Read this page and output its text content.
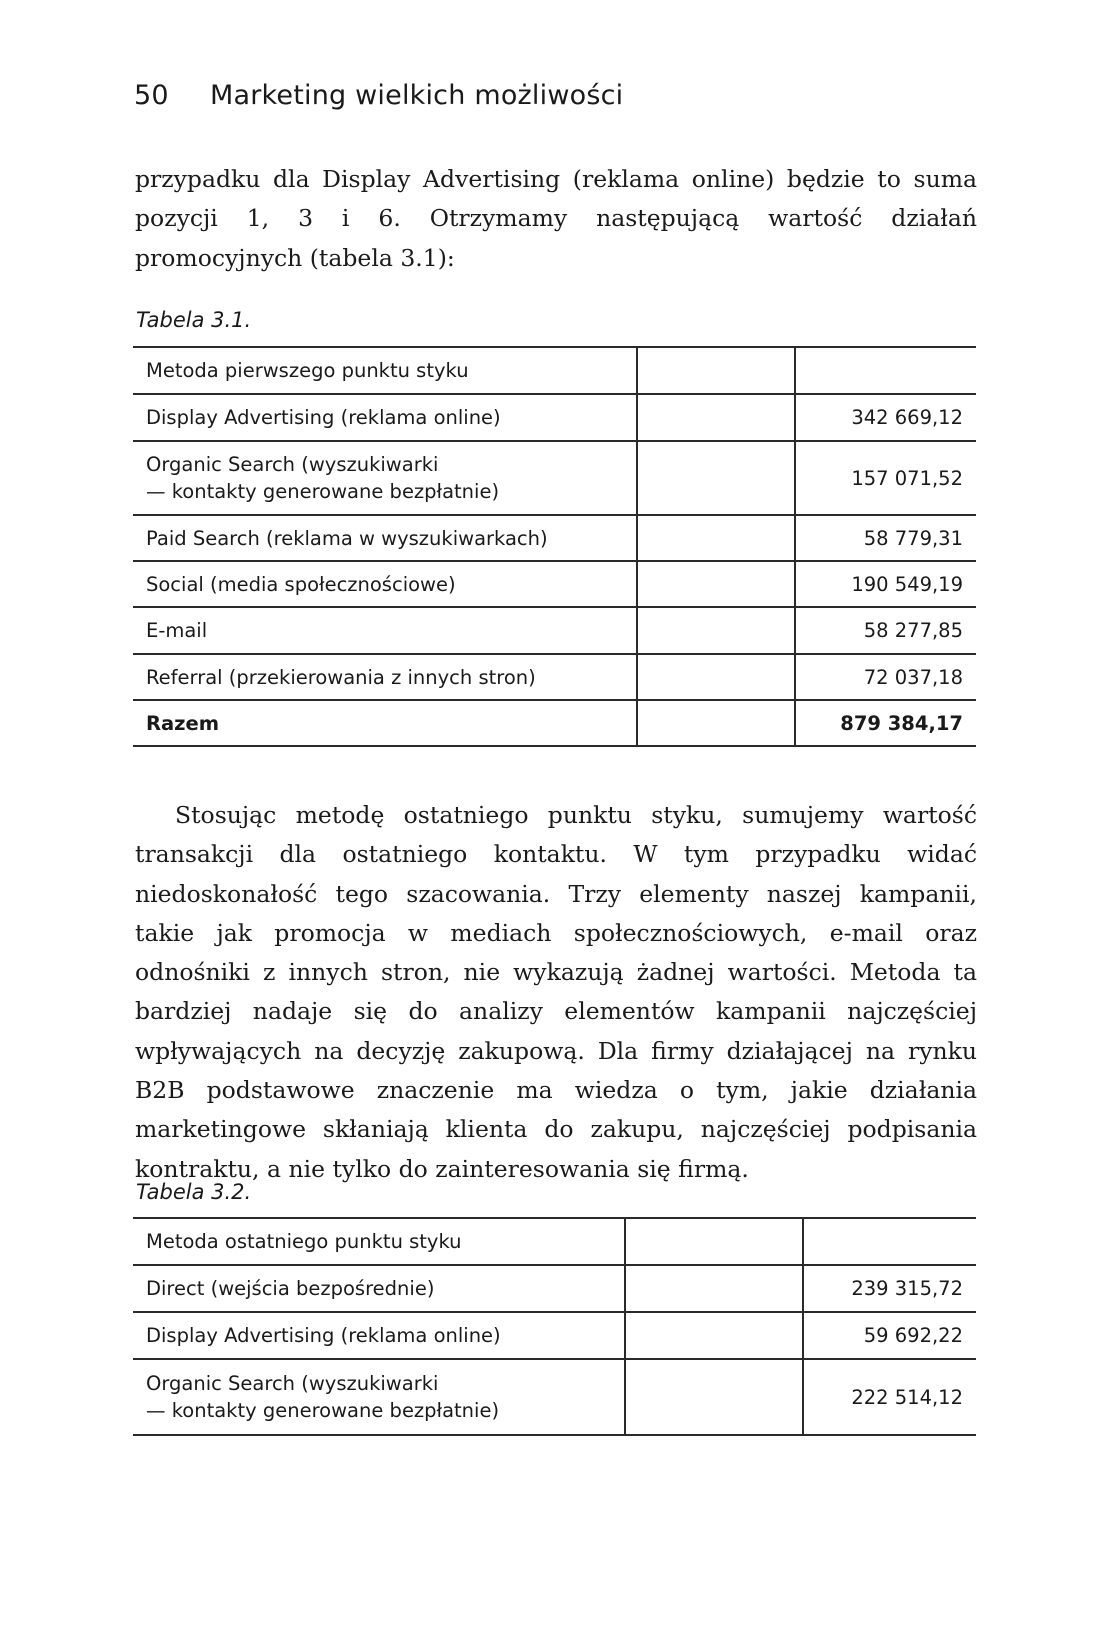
50 Marketing wielkich możliwości
przypadku dla Display Advertising (reklama online) będzie to suma pozycji 1, 3 i 6. Otrzymamy następującą wartość działań promocyjnych (tabela 3.1):
Tabela 3.1.
Metoda pierwszego punktu styku		
Display Advertising (reklama online)		342 669,12
Organic Search (wyszukiwarki
— kontakty generowane bezpłatnie)		157 071,52
Paid Search (reklama w wyszukiwarkach)		58 779,31
Social (media społecznościowe)		190 549,19
E-mail		58 277,85
Referral (przekierowania z innych stron)		72 037,18
Razem		879 384,17
Stosując metodę ostatniego punktu styku, sumujemy wartość transakcji dla ostatniego kontaktu. W tym przypadku widać niedoskonałość tego szacowania. Trzy elementy naszej kampanii, takie jak promocja w mediach społecznościowych, e-mail oraz odnośniki z innych stron, nie wykazują żadnej wartości. Metoda ta bardziej nadaje się do analizy elementów kampanii najczęściej wpływających na decyzję zakupową. Dla firmy działającej na rynku B2B podstawowe znaczenie ma wiedza o tym, jakie działania marketingowe skłaniają klienta do zakupu, najczęściej podpisania kontraktu, a nie tylko do zainteresowania się firmą.
Tabela 3.2.
Metoda ostatniego punktu styku		
Direct (wejścia bezpośrednie)		239 315,72
Display Advertising (reklama online)		59 692,22
Organic Search (wyszukiwarki
— kontakty generowane bezpłatnie)		222 514,12
